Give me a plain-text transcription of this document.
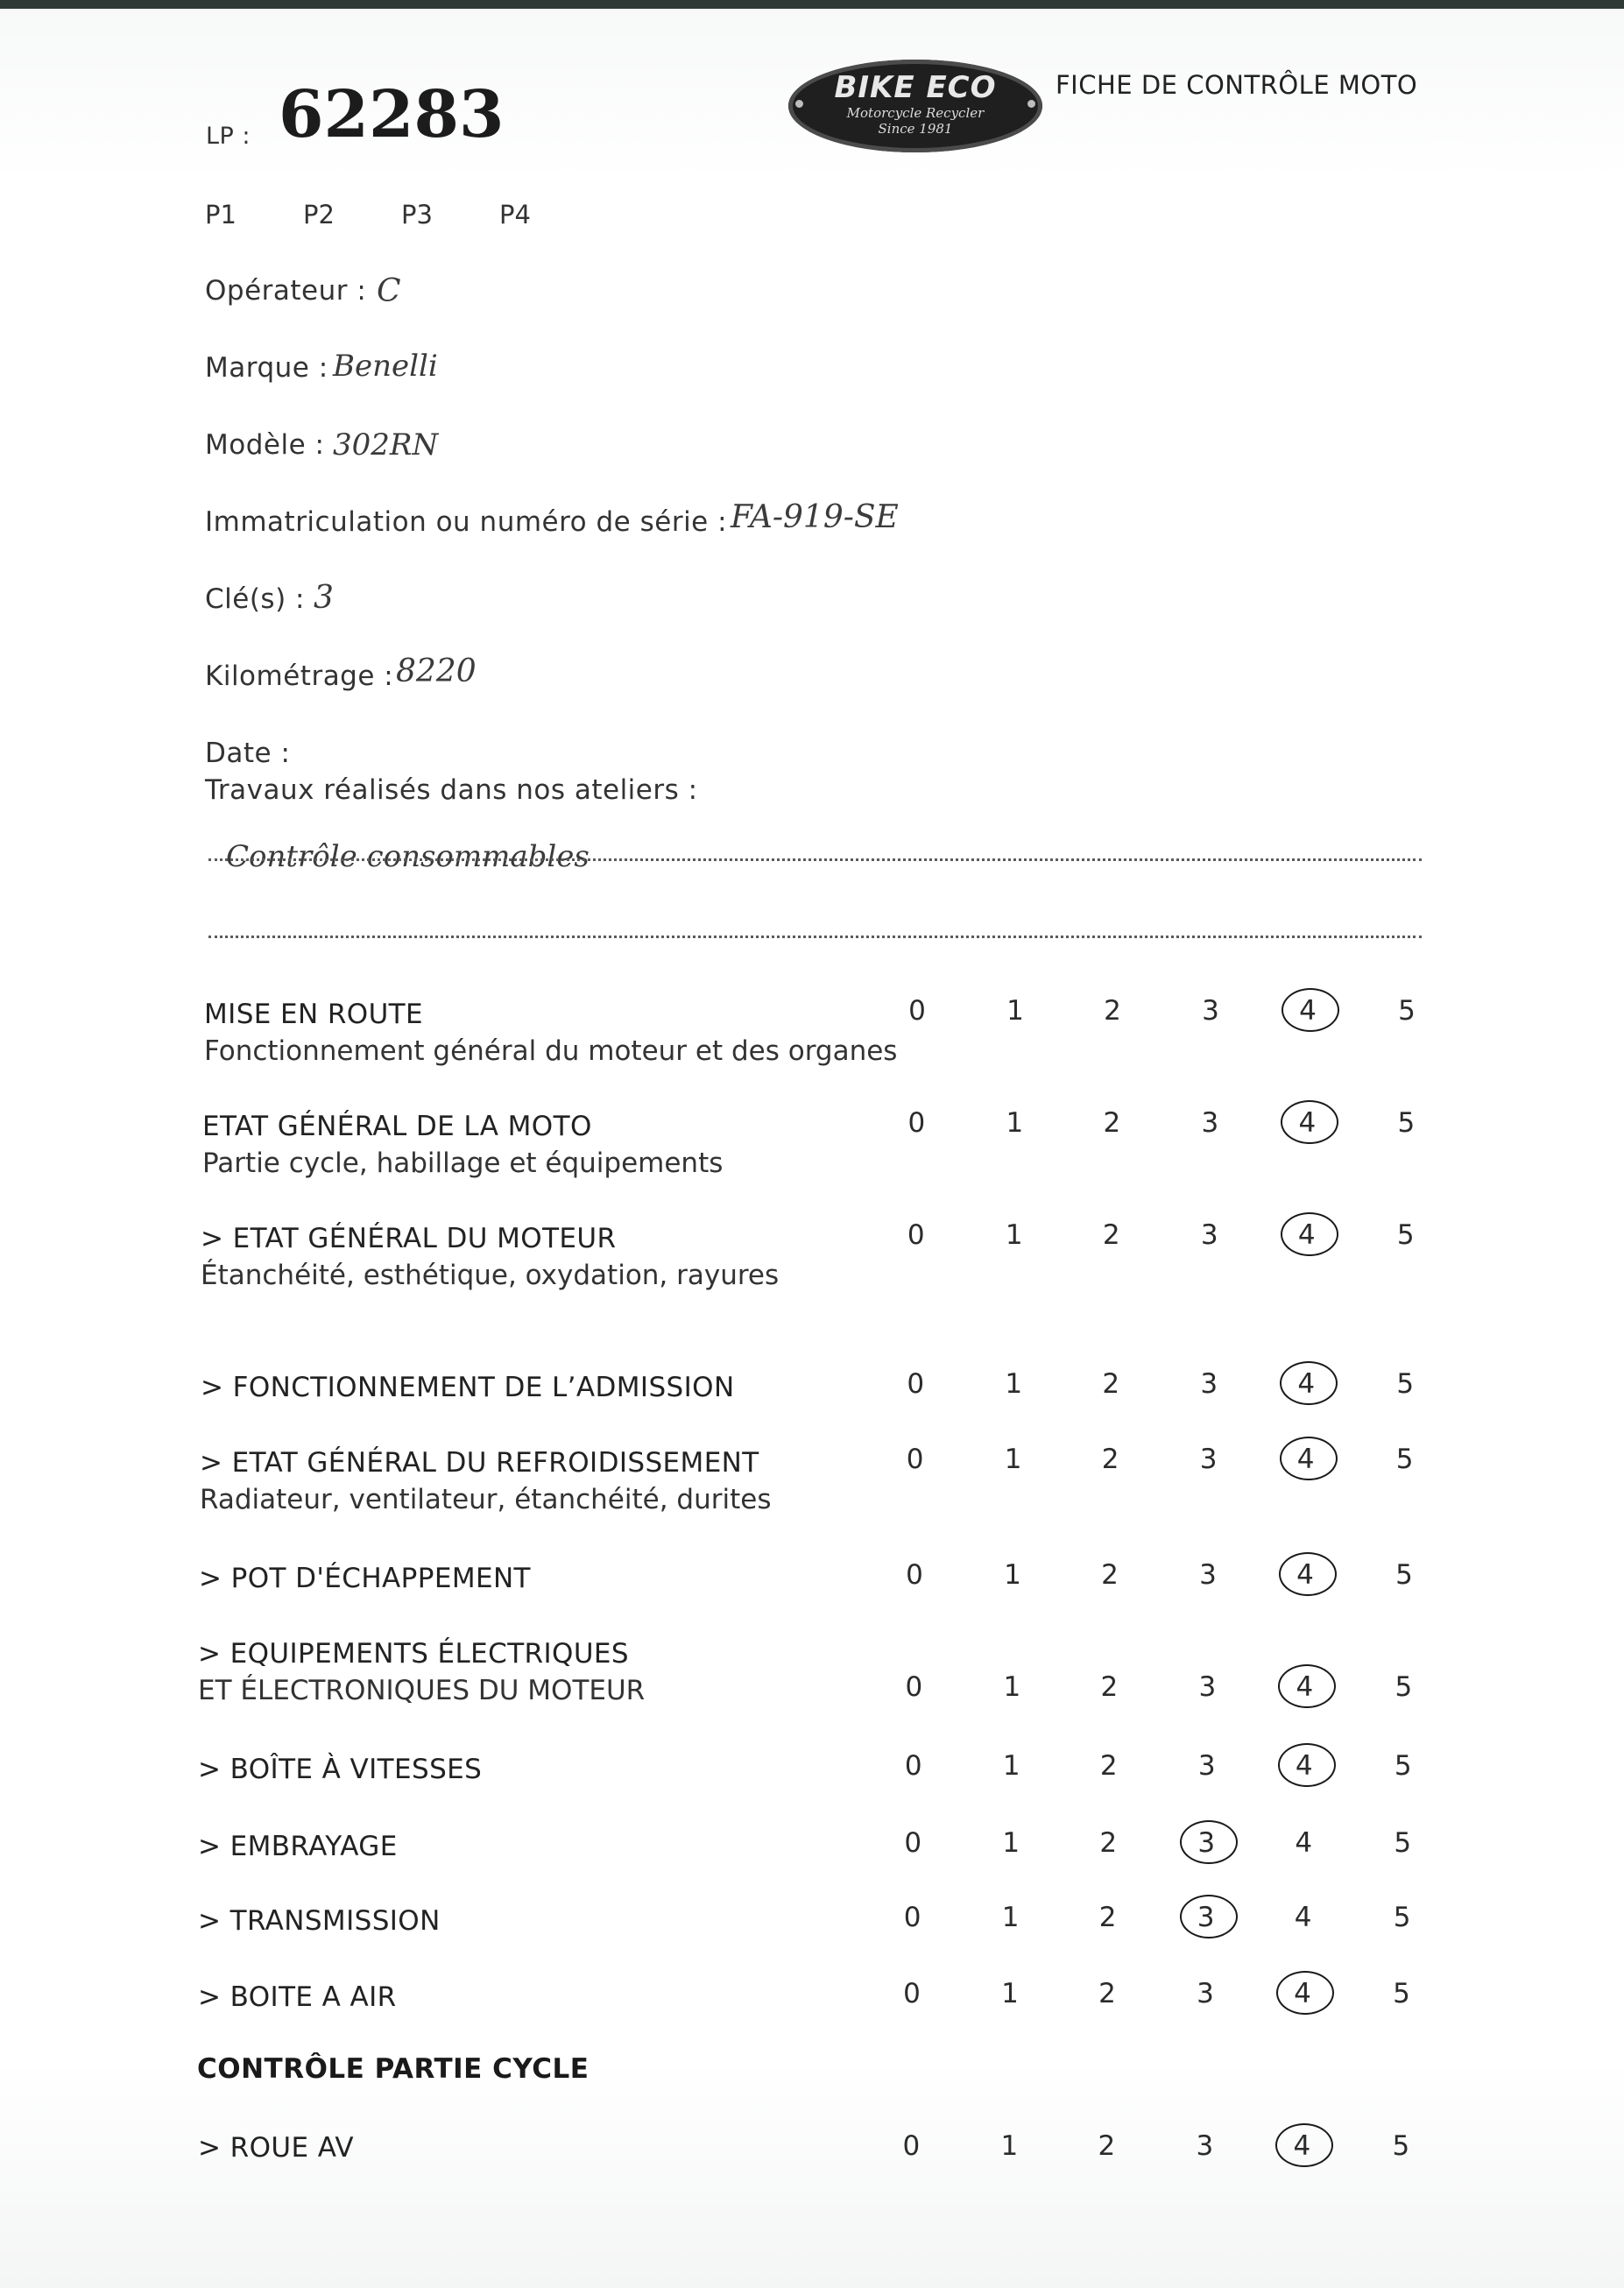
LP : 62283	BIKE ECO
Motorcycle Recycler
Since 1981
FICHE DE CONTRÔLE MOTO
P1	P2	P3	P4
Opérateur : C
Marque : Benelli
Modèle : 302RN
Immatriculation ou numéro de série : FA-919-SE
Clé(s) : 3
Kilométrage : 8220
Date :
Travaux réalisés dans nos ateliers :
Contrôle consommables
MISE EN ROUTE
Fonctionnement général du moteur et des organes
0	1	2	3	4	5
ETAT GÉNÉRAL DE LA MOTO
Partie cycle, habillage et équipements
0	1	2	3	4	5
> ETAT GÉNÉRAL DU MOTEUR
Étanchéité, esthétique, oxydation, rayures
0	1	2	3	4	5
> FONCTIONNEMENT DE L’ADMISSION	0	1	2	3	4	5
> ETAT GÉNÉRAL DU REFROIDISSEMENT
Radiateur, ventilateur, étanchéité, durites
0	1	2	3	4	5
> POT D'ÉCHAPPEMENT	0	1	2	3	4	5
> EQUIPEMENTS ÉLECTRIQUES
ET ÉLECTRONIQUES DU MOTEUR	0	1	2	3	4	5
> BOÎTE À VITESSES	0	1	2	3	4	5
> EMBRAYAGE	0	1	2	3	4	5
> TRANSMISSION	0	1	2	3	4	5
> BOITE A AIR	0	1	2	3	4	5
CONTRÔLE PARTIE CYCLE
> ROUE AV	0	1	2	3	4	5
